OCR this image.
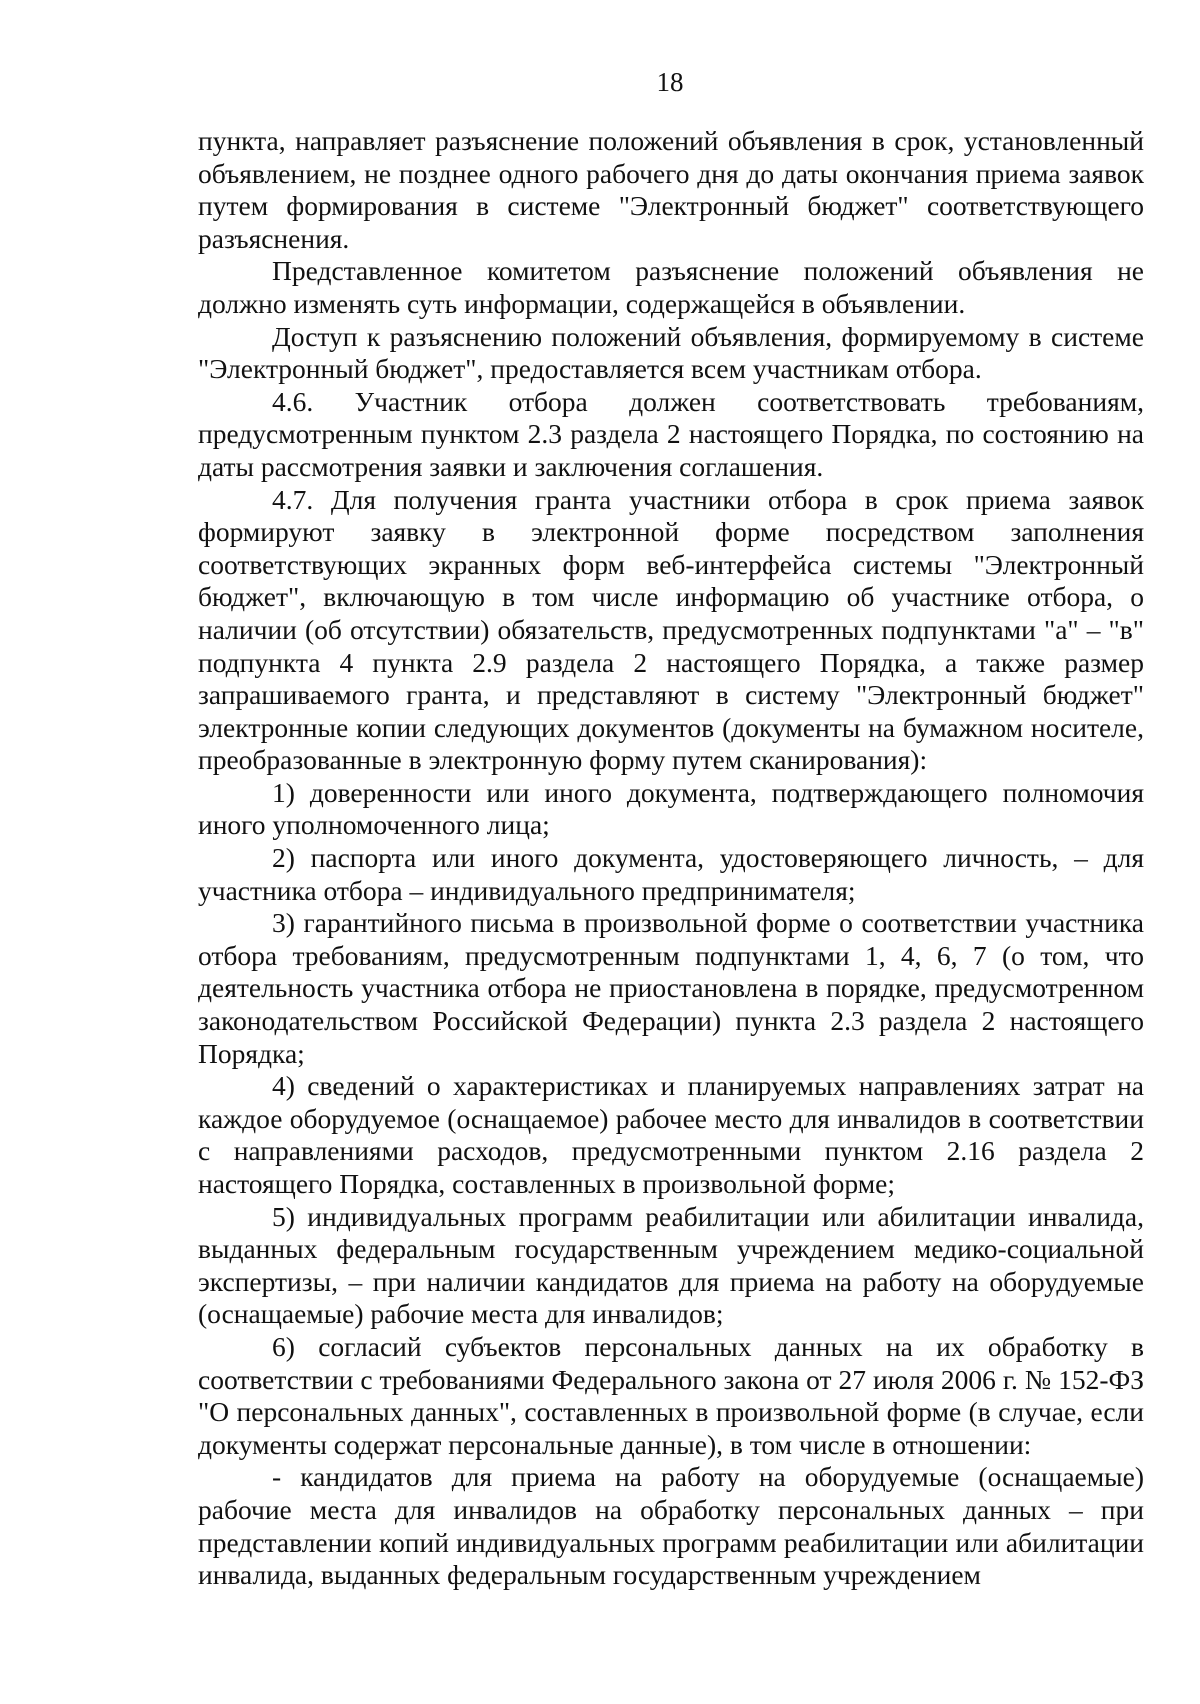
18

пункта, направляет разъяснение положений объявления в срок, установленный объявлением, не позднее одного рабочего дня до даты окончания приема заявок путем формирования в системе "Электронный бюджет" соответствующего разъяснения.

Представленное комитетом разъяснение положений объявления не должно изменять суть информации, содержащейся в объявлении.

Доступ к разъяснению положений объявления, формируемому в системе "Электронный бюджет", предоставляется всем участникам отбора.

4.6. Участник отбора должен соответствовать требованиям, предусмотренным пунктом 2.3 раздела 2 настоящего Порядка, по состоянию на даты рассмотрения заявки и заключения соглашения.

4.7. Для получения гранта участники отбора в срок приема заявок формируют заявку в электронной форме посредством заполнения соответствующих экранных форм веб-интерфейса системы "Электронный бюджет", включающую в том числе информацию об участнике отбора, о наличии (об отсутствии) обязательств, предусмотренных подпунктами "а" – "в" подпункта 4 пункта 2.9 раздела 2 настоящего Порядка, а также размер запрашиваемого гранта, и представляют в систему "Электронный бюджет" электронные копии следующих документов (документы на бумажном носителе, преобразованные в электронную форму путем сканирования):

1) доверенности или иного документа, подтверждающего полномочия иного уполномоченного лица;

2) паспорта или иного документа, удостоверяющего личность, – для участника отбора – индивидуального предпринимателя;

3) гарантийного письма в произвольной форме о соответствии участника отбора требованиям, предусмотренным подпунктами 1, 4, 6, 7 (о том, что деятельность участника отбора не приостановлена в порядке, предусмотренном законодательством Российской Федерации) пункта 2.3 раздела 2 настоящего Порядка;

4) сведений о характеристиках и планируемых направлениях затрат на каждое оборудуемое (оснащаемое) рабочее место для инвалидов в соответствии с направлениями расходов, предусмотренными пунктом 2.16 раздела 2 настоящего Порядка, составленных в произвольной форме;

5) индивидуальных программ реабилитации или абилитации инвалида, выданных федеральным государственным учреждением медико-социальной экспертизы, – при наличии кандидатов для приема на работу на оборудуемые (оснащаемые) рабочие места для инвалидов;

6) согласий субъектов персональных данных на их обработку в соответствии с требованиями Федерального закона от 27 июля 2006 г. № 152-ФЗ "О персональных данных", составленных в произвольной форме (в случае, если документы содержат персональные данные), в том числе в отношении:

- кандидатов для приема на работу на оборудуемые (оснащаемые) рабочие места для инвалидов на обработку персональных данных – при представлении копий индивидуальных программ реабилитации или абилитации инвалида, выданных федеральным государственным учреждением
